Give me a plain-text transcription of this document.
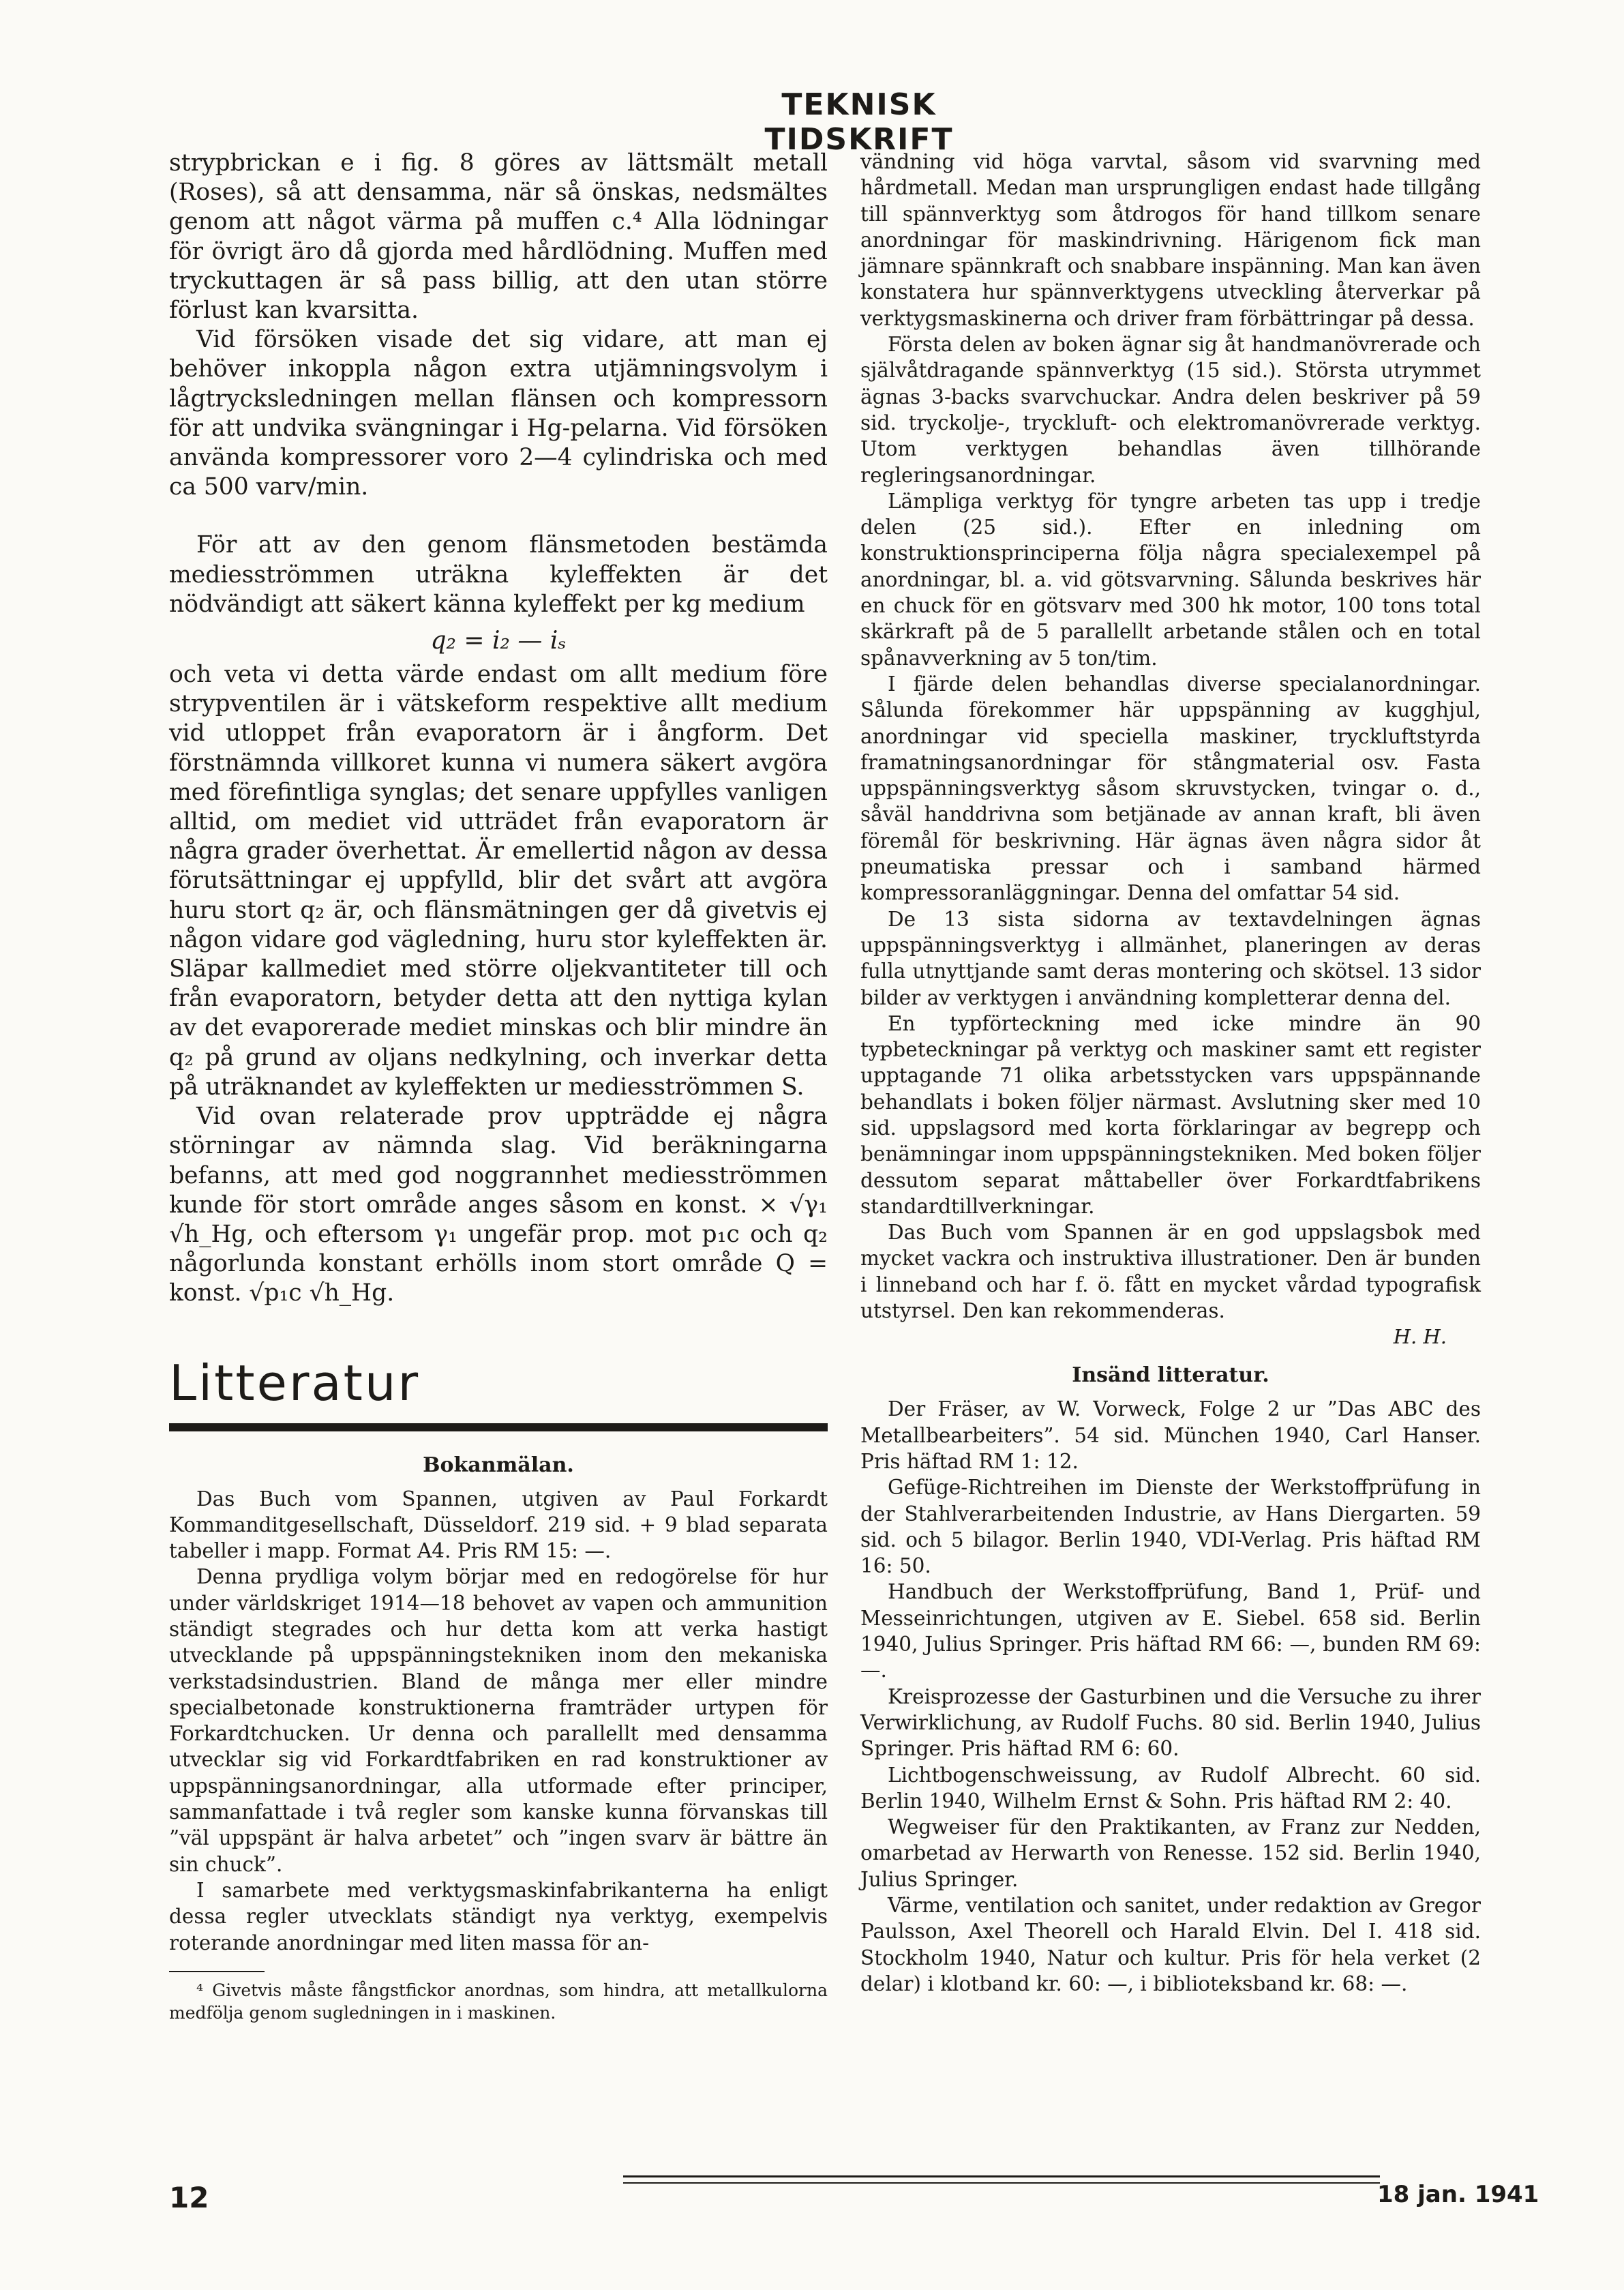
TEKNISK TIDSKRIFT

strypbrickan e i fig. 8 göres av lättsmält metall (Roses), så att densamma, när så önskas, nedsmältes genom att något värma på muffen c.⁴ Alla lödningar för övrigt äro då gjorda med hårdlödning. Muffen med tryckuttagen är så pass billig, att den utan större förlust kan kvarsitta.

Vid försöken visade det sig vidare, att man ej behöver inkoppla någon extra utjämningsvolym i lågtrycksledningen mellan flänsen och kompressorn för att undvika svängningar i Hg-pelarna. Vid försöken använda kompressorer voro 2—4 cylindriska och med ca 500 varv/min.

För att av den genom flänsmetoden bestämda mediesströmmen uträkna kyleffekten är det nödvändigt att säkert känna kyleffekt per kg medium

q₂ = i₂ — iₛ

och veta vi detta värde endast om allt medium före strypventilen är i vätskeform respektive allt medium vid utloppet från evaporatorn är i ångform. Det förstnämnda villkoret kunna vi numera säkert avgöra med förefintliga synglas; det senare uppfylles vanligen alltid, om mediet vid utträdet från evaporatorn är några grader överhettat. Är emellertid någon av dessa förutsättningar ej uppfylld, blir det svårt att avgöra huru stort q₂ är, och flänsmätningen ger då givetvis ej någon vidare god vägledning, huru stor kyleffekten är. Släpar kallmediet med större oljekvantiteter till och från evaporatorn, betyder detta att den nyttiga kylan av det evaporerade mediet minskas och blir mindre än q₂ på grund av oljans nedkylning, och inverkar detta på uträknandet av kyleffekten ur mediesströmmen S.

Vid ovan relaterade prov uppträdde ej några störningar av nämnda slag. Vid beräkningarna befanns, att med god noggrannhet mediesströmmen kunde för stort område anges såsom en konst. × √γ₁ √h_Hg, och eftersom γ₁ ungefär prop. mot p₁c och q₂ någorlunda konstant erhölls inom stort område Q = konst. √p₁c √h_Hg.

Litteratur
Bokanmälan.

Das Buch vom Spannen, utgiven av Paul Forkardt Kommanditgesellschaft, Düsseldorf. 219 sid. + 9 blad separata tabeller i mapp. Format A4. Pris RM 15: —.

Denna prydliga volym börjar med en redogörelse för hur under världskriget 1914—18 behovet av vapen och ammunition ständigt stegrades och hur detta kom att verka hastigt utvecklande på uppspänningstekniken inom den mekaniska verkstadsindustrien. Bland de många mer eller mindre specialbetonade konstruktionerna framträder urtypen för Forkardtchucken. Ur denna och parallellt med densamma utvecklar sig vid Forkardtfabriken en rad konstruktioner av uppspänningsanordningar, alla utformade efter principer, sammanfattade i två regler som kanske kunna förvanskas till ”väl uppspänt är halva arbetet” och ”ingen svarv är bättre än sin chuck”.

I samarbete med verktygsmaskinfabrikanterna ha enligt dessa regler utvecklats ständigt nya verktyg, exempelvis roterande anordningar med liten massa för an-

⁴ Givetvis måste fångstfickor anordnas, som hindra, att metallkulorna medfölja genom sugledningen in i maskinen.

vändning vid höga varvtal, såsom vid svarvning med hårdmetall. Medan man ursprungligen endast hade tillgång till spännverktyg som åtdrogos för hand tillkom senare anordningar för maskindrivning. Härigenom fick man jämnare spännkraft och snabbare inspänning. Man kan även konstatera hur spännverktygens utveckling återverkar på verktygsmaskinerna och driver fram förbättringar på dessa.

Första delen av boken ägnar sig åt handmanövrerade och självåtdragande spännverktyg (15 sid.). Största utrymmet ägnas 3-backs svarvchuckar. Andra delen beskriver på 59 sid. tryckolje-, tryckluft- och elektromanövrerade verktyg. Utom verktygen behandlas även tillhörande regleringsanordningar.

Lämpliga verktyg för tyngre arbeten tas upp i tredje delen (25 sid.). Efter en inledning om konstruktionsprinciperna följa några specialexempel på anordningar, bl. a. vid götsvarvning. Sålunda beskrives här en chuck för en götsvarv med 300 hk motor, 100 tons total skärkraft på de 5 parallellt arbetande stålen och en total spånavverkning av 5 ton/tim.

I fjärde delen behandlas diverse specialanordningar. Sålunda förekommer här uppspänning av kugghjul, anordningar vid speciella maskiner, tryckluftstyrda framatningsanordningar för stångmaterial osv. Fasta uppspänningsverktyg såsom skruvstycken, tvingar o. d., såväl handdrivna som betjänade av annan kraft, bli även föremål för beskrivning. Här ägnas även några sidor åt pneumatiska pressar och i samband härmed kompressoranläggningar. Denna del omfattar 54 sid.

De 13 sista sidorna av textavdelningen ägnas uppspänningsverktyg i allmänhet, planeringen av deras fulla utnyttjande samt deras montering och skötsel. 13 sidor bilder av verktygen i användning kompletterar denna del.

En typförteckning med icke mindre än 90 typbeteckningar på verktyg och maskiner samt ett register upptagande 71 olika arbetsstycken vars uppspännande behandlats i boken följer närmast. Avslutning sker med 10 sid. uppslagsord med korta förklaringar av begrepp och benämningar inom uppspänningstekniken. Med boken följer dessutom separat måttabeller över Forkardtfabrikens standardtillverkningar.

Das Buch vom Spannen är en god uppslagsbok med mycket vackra och instruktiva illustrationer. Den är bunden i linneband och har f. ö. fått en mycket vårdad typografisk utstyrsel. Den kan rekommenderas.

H. H.
Insänd litteratur.

Der Fräser, av W. Vorweck, Folge 2 ur ”Das ABC des Metallbearbeiters”. 54 sid. München 1940, Carl Hanser. Pris häftad RM 1: 12.

Gefüge-Richtreihen im Dienste der Werkstoffprüfung in der Stahlverarbeitenden Industrie, av Hans Diergarten. 59 sid. och 5 bilagor. Berlin 1940, VDI-Verlag. Pris häftad RM 16: 50.

Handbuch der Werkstoffprüfung, Band 1, Prüf- und Messeinrichtungen, utgiven av E. Siebel. 658 sid. Berlin 1940, Julius Springer. Pris häftad RM 66: —, bunden RM 69: —.

Kreisprozesse der Gasturbinen und die Versuche zu ihrer Verwirklichung, av Rudolf Fuchs. 80 sid. Berlin 1940, Julius Springer. Pris häftad RM 6: 60.

Lichtbogenschweissung, av Rudolf Albrecht. 60 sid. Berlin 1940, Wilhelm Ernst & Sohn. Pris häftad RM 2: 40.

Wegweiser für den Praktikanten, av Franz zur Nedden, omarbetad av Herwarth von Renesse. 152 sid. Berlin 1940, Julius Springer.

Värme, ventilation och sanitet, under redaktion av Gregor Paulsson, Axel Theorell och Harald Elvin. Del I. 418 sid. Stockholm 1940, Natur och kultur. Pris för hela verket (2 delar) i klotband kr. 60: —, i biblioteksband kr. 68: —.

12	18 jan. 1941
